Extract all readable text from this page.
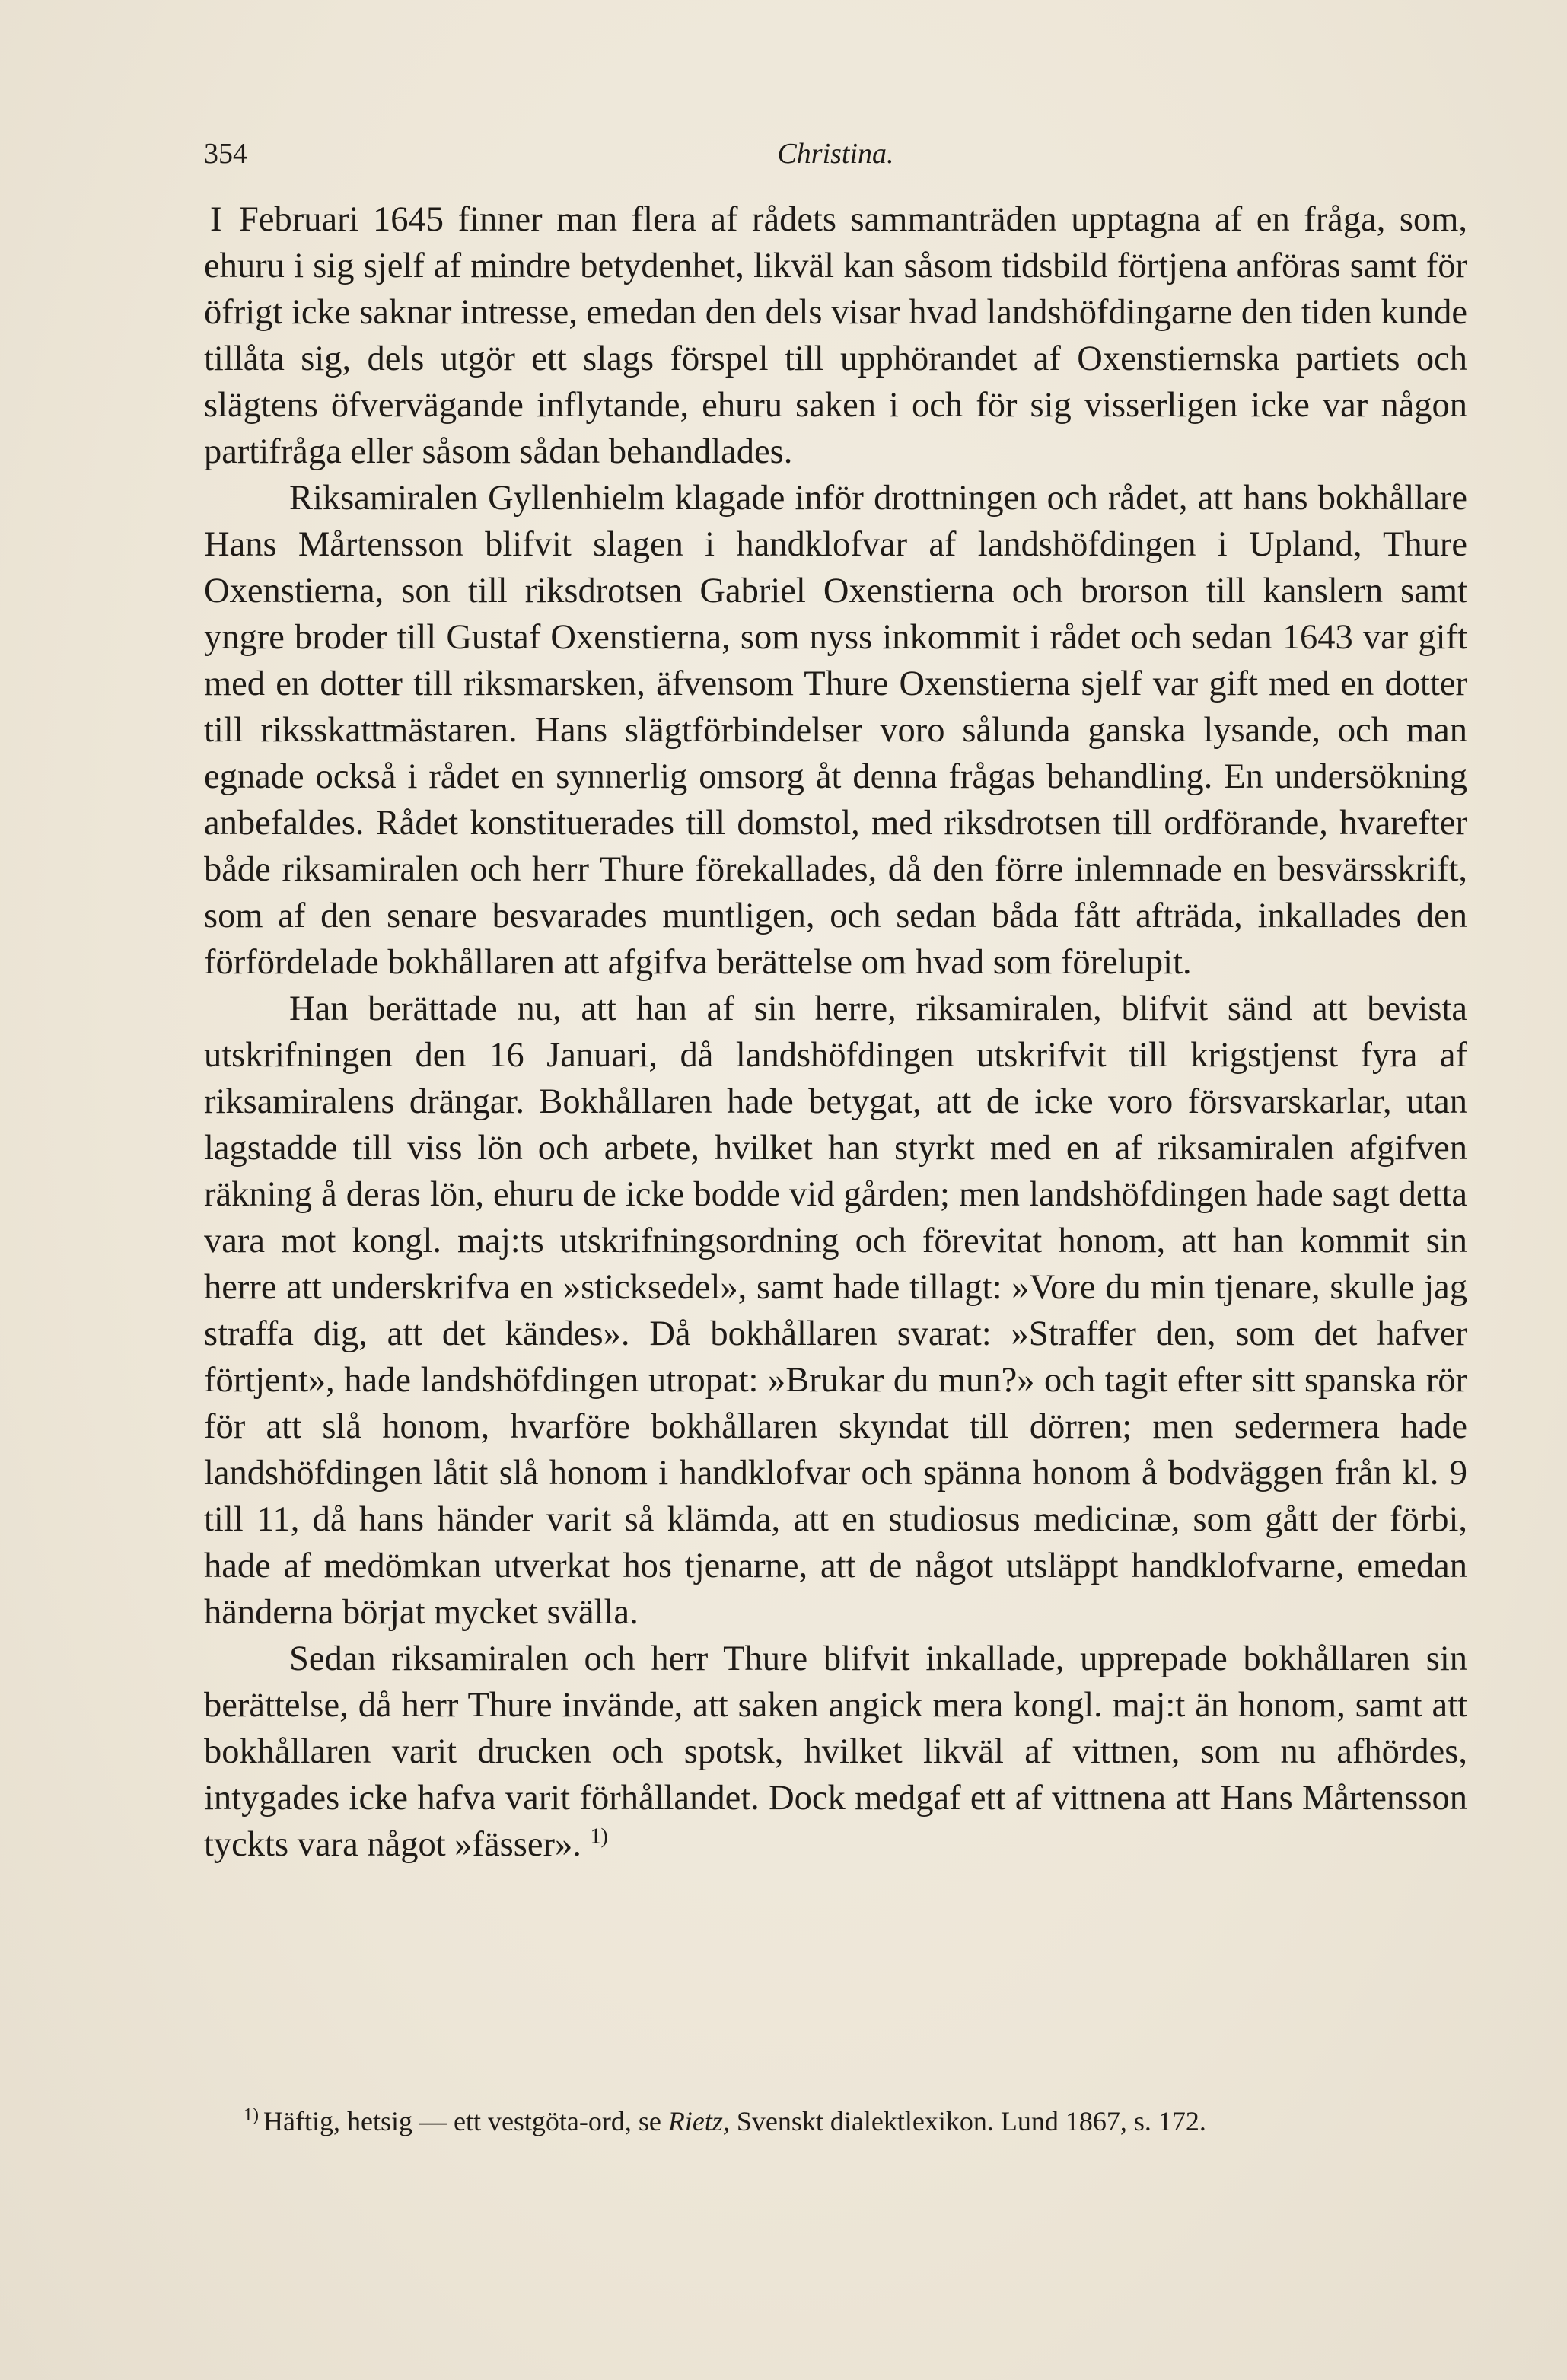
354	Christina.

I Februari 1645 finner man flera af rådets sammanträden upptagna af en fråga, som, ehuru i sig sjelf af mindre betydenhet, likväl kan såsom tidsbild förtjena anföras samt för öfrigt icke saknar intresse, emedan den dels visar hvad landshöfdingarne den tiden kunde tillåta sig, dels utgör ett slags förspel till upphörandet af Oxenstiernska partiets och slägtens öfvervägande inflytande, ehuru saken i och för sig visserligen icke var någon partifråga eller såsom sådan behandlades.

Riksamiralen Gyllenhielm klagade inför drottningen och rådet, att hans bokhållare Hans Mårtensson blifvit slagen i handklofvar af landshöfdingen i Upland, Thure Oxenstierna, son till riksdrotsen Gabriel Oxenstierna och brorson till kanslern samt yngre broder till Gustaf Oxenstierna, som nyss inkommit i rådet och sedan 1643 var gift med en dotter till riksmarsken, äfvensom Thure Oxenstierna sjelf var gift med en dotter till riksskattmästaren. Hans slägtförbindelser voro sålunda ganska lysande, och man egnade också i rådet en synnerlig omsorg åt denna frågas behandling. En undersökning anbefaldes. Rådet konstituerades till domstol, med riksdrotsen till ordförande, hvarefter både riksamiralen och herr Thure förekallades, då den förre inlemnade en besvärsskrift, som af den senare besvarades muntligen, och sedan båda fått afträda, inkallades den förfördelade bokhållaren att afgifva berättelse om hvad som förelupit.

Han berättade nu, att han af sin herre, riksamiralen, blifvit sänd att bevista utskrifningen den 16 Januari, då landshöfdingen utskrifvit till krigstjenst fyra af riksamiralens drängar. Bokhållaren hade betygat, att de icke voro försvarskarlar, utan lagstadde till viss lön och arbete, hvilket han styrkt med en af riksamiralen afgifven räkning å deras lön, ehuru de icke bodde vid gården; men landshöfdingen hade sagt detta vara mot kongl. maj:ts utskrifningsordning och förevitat honom, att han kommit sin herre att underskrifva en »sticksedel», samt hade tillagt: »Vore du min tjenare, skulle jag straffa dig, att det kändes». Då bokhållaren svarat: »Straffer den, som det hafver förtjent», hade landshöfdingen utropat: »Brukar du mun?» och tagit efter sitt spanska rör för att slå honom, hvarföre bokhållaren skyndat till dörren; men sedermera hade landshöfdingen låtit slå honom i handklofvar och spänna honom å bodväggen från kl. 9 till 11, då hans händer varit så klämda, att en studiosus medicinæ, som gått der förbi, hade af medömkan utverkat hos tjenarne, att de något utsläppt handklofvarne, emedan händerna börjat mycket svälla.

Sedan riksamiralen och herr Thure blifvit inkallade, upprepade bokhållaren sin berättelse, då herr Thure invände, att saken angick mera kongl. maj:t än honom, samt att bokhållaren varit drucken och spotsk, hvilket likväl af vittnen, som nu afhördes, intygades icke hafva varit förhållandet. Dock medgaf ett af vittnena att Hans Mårtensson tyckts vara något »fässer». $^{1)}$

$^{1)}$ Häftig, hetsig — ett vestgöta-ord, se Rietz, Svenskt dialektlexikon. Lund 1867, s. 172.
